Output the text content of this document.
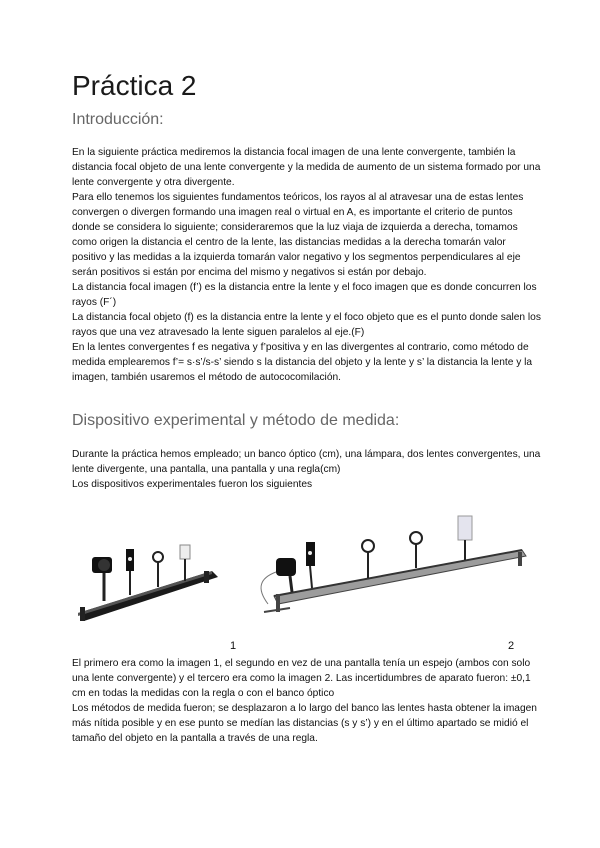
Práctica 2
Introducción:

En la siguiente práctica mediremos la distancia focal imagen de una lente convergente, también la distancia focal objeto de una lente convergente y la medida de aumento de un sistema formado por una lente convergente y otra divergente.

Para ello tenemos los siguientes fundamentos teóricos, los rayos al al atravesar una de estas lentes convergen o divergen formando una imagen real o virtual en A, es importante el criterio de puntos donde se considera lo siguiente; consideraremos que la luz viaja de izquierda a derecha, tomamos como origen la distancia el centro de la lente, las distancias medidas a la derecha tomarán valor positivo y las medidas a la izquierda tomarán valor negativo y los segmentos perpendiculares al eje serán positivos si están por encima del mismo y negativos si están por debajo.

La distancia focal imagen (f’) es la distancia entre la lente y el foco imagen que es donde concurren los rayos (F´)

La distancia focal objeto (f) es la distancia entre la lente y el foco objeto que es el punto donde salen los rayos que una vez atravesado la lente siguen paralelos al eje.(F)

En la lentes convergentes f es negativa y f’positiva y en las divergentes al contrario, como método de medida emplearemos f’= s·s’/s-s’ siendo s la distancia del objeto y la lente y s’ la distancia la lente y la imagen, también usaremos el método de autococomilación.

Dispositivo experimental y método de medida:

Durante la práctica hemos empleado; un banco óptico (cm), una lámpara, dos lentes convergentes, una lente divergente, una pantalla, una pantalla y una regla(cm)

Los dispositivos experimentales fueron los siguientes

1	2

El primero era como la imagen 1, el segundo en vez de una pantalla tenía un espejo (ambos con solo una lente convergente) y el tercero era como la imagen 2. Las incertidumbres de aparato fueron: ±0,1 cm en todas la medidas con la regla o con el banco óptico

Los métodos de medida fueron; se desplazaron a lo largo del banco las lentes hasta obtener la imagen más nítida posible y en ese punto se medían las distancias (s y s’) y en el último apartado se midió el tamaño del objeto en la pantalla a través de una regla.
